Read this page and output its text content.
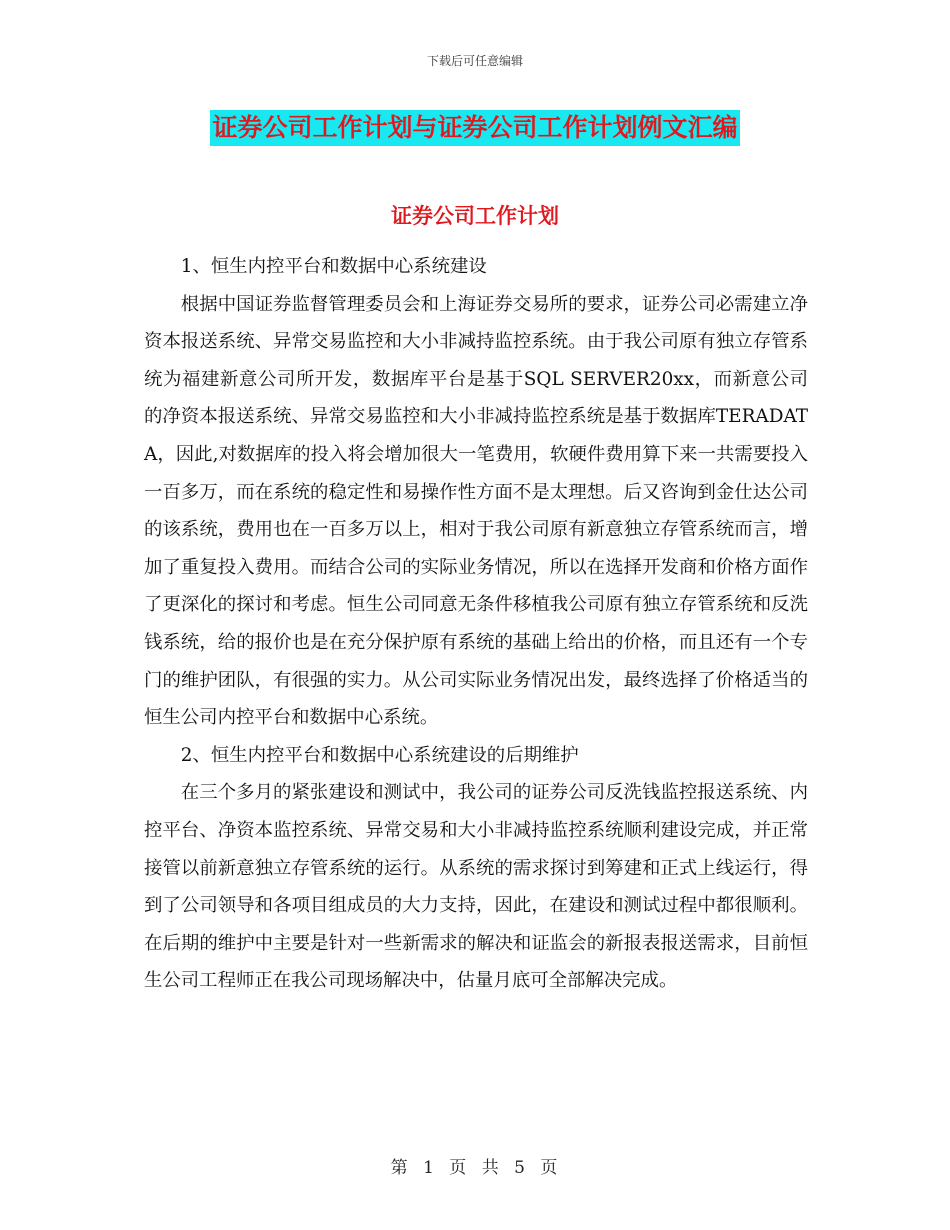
下载后可任意编辑
证券公司工作计划与证券公司工作计划例文汇编
证券公司工作计划

1、恒生内控平台和数据中心系统建设

根据中国证券监督管理委员会和上海证券交易所的要求，证券公司必需建立净资本报送系统、异常交易监控和大小非减持监控系统。由于我公司原有独立存管系统为福建新意公司所开发，数据库平台是基于SQL SERVER20xx，而新意公司的净资本报送系统、异常交易监控和大小非减持监控系统是基于数据库TERADATA，因此,对数据库的投入将会增加很大一笔费用，软硬件费用算下来一共需要投入一百多万，而在系统的稳定性和易操作性方面不是太理想。后又咨询到金仕达公司的该系统，费用也在一百多万以上，相对于我公司原有新意独立存管系统而言，增加了重复投入费用。而结合公司的实际业务情况，所以在选择开发商和价格方面作了更深化的探讨和考虑。恒生公司同意无条件移植我公司原有独立存管系统和反洗钱系统，给的报价也是在充分保护原有系统的基础上给出的价格，而且还有一个专门的维护团队，有很强的实力。从公司实际业务情况出发，最终选择了价格适当的恒生公司内控平台和数据中心系统。

2、恒生内控平台和数据中心系统建设的后期维护

在三个多月的紧张建设和测试中，我公司的证券公司反洗钱监控报送系统、内控平台、净资本监控系统、异常交易和大小非减持监控系统顺利建设完成，并正常接管以前新意独立存管系统的运行。从系统的需求探讨到筹建和正式上线运行，得到了公司领导和各项目组成员的大力支持，因此，在建设和测试过程中都很顺利。在后期的维护中主要是针对一些新需求的解决和证监会的新报表报送需求，目前恒生公司工程师正在我公司现场解决中，估量月底可全部解决完成。

第 1 页 共 5 页
